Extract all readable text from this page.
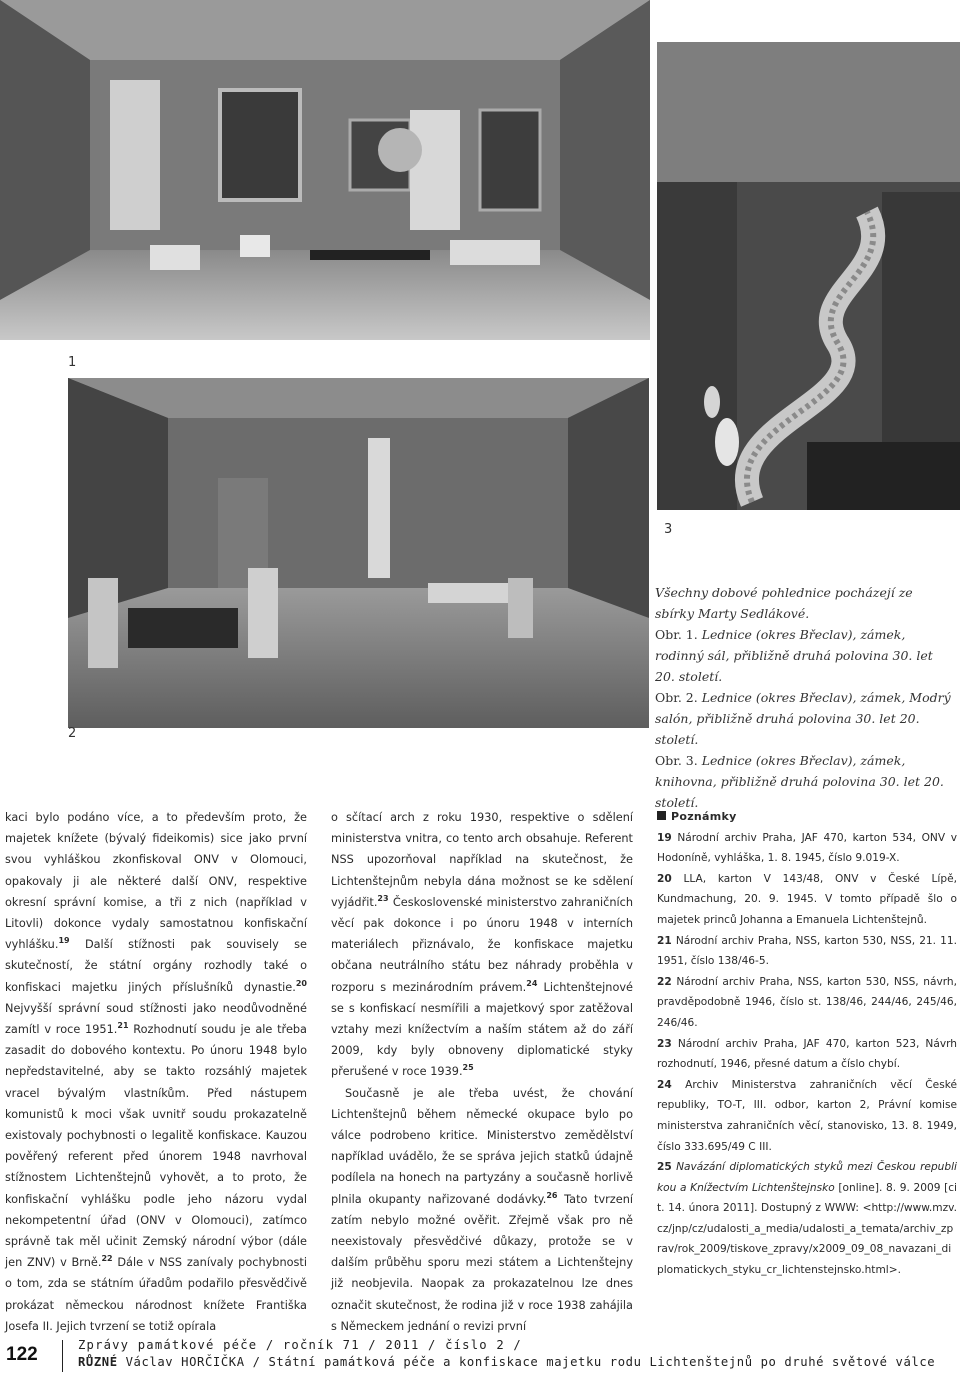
1
3
2

Všechny dobové pohlednice pocházejí ze sbírky Marty Sedlákové.

Obr. 1. Lednice (okres Břeclav), zámek, rodinný sál, přibližně druhá polovina 30. let 20. století.

Obr. 2. Lednice (okres Břeclav), zámek, Modrý salón, přibližně druhá polovina 30. let 20. století.

Obr. 3. Lednice (okres Břeclav), zámek, knihovna, přibližně druhá polovina 30. let 20. století.

kaci bylo podáno více, a to především proto, že majetek knížete (bývalý fideikomis) sice jako první svou vyhláškou zkonfiskoval ONV v Olomouci, opakovaly ji ale některé další ONV, respektive okresní správní komise, a tři z nich (například v Litovli) dokonce vydaly samostatnou konfiskační vyhlášku.$^{19}$ Další stížnosti pak souvisely se skutečností, že státní orgány rozhodly také o konfiskaci majetku jiných příslušníků dynastie.$^{20}$ Nejvyšší správní soud stížnosti jako neodůvodněné zamítl v roce 1951.21 Rozhodnutí soudu je ale třeba zasadit do dobového kontextu. Po únoru 1948 bylo nepředstavitelné, aby se takto rozsáhlý majetek vracel bývalým vlastníkům. Před nástupem komunistů k moci však uvnitř soudu prokazatelně existovaly pochybnosti o legalitě konfiskace. Kauzou pověřený referent před únorem 1948 navrhoval stížnostem Lichtenštejnů vyhovět, a to proto, že konfiskační vyhlášku podle jeho názoru vydal nekompetentní úřad (ONV v Olomouci), zatímco správně tak měl učinit Zemský národní výbor (dále jen ZNV) v Brně.$^{22}$ Dále v NSS zanívaly pochybnosti o tom, zda se státním úřadům podařilo přesvědčivě prokázat německou národnost knížete Františka Josefa II. Jejich tvrzení se totiž opírala

o sčítací arch z roku 1930, respektive o sdělení ministerstva vnitra, co tento arch obsahuje. Referent NSS upozorňoval například na skutečnost, že Lichtenštejnům nebyla dána možnost se ke sdělení vyjádřit.$^{23}$ Československé ministerstvo zahraničních věcí pak dokonce i po únoru 1948 v interních materiálech přiznávalo, že konfiskace majetku občana neutrálního státu bez náhrady proběhla v rozporu s mezinárodním právem.$^{24}$ Lichtenštejnové se s konfiskací nesmířili a majetkový spor zatěžoval vztahy mezi knížectvím a naším státem až do září 2009, kdy byly obnoveny diplomatické styky přerušené v roce 1939.25

Současně je ale třeba uvést, že chování Lichtenštejnů během německé okupace bylo po válce podrobeno kritice. Ministerstvo zemědělství například uvádělo, že se správa jejich statků údajně podílela na honech na partyzány a současně horlivě plnila okupanty nařizované dodávky.$^{26}$ Tato tvrzení zatím nebylo možné ověřit. Zřejmě však pro ně neexistovaly přesvědčivé důkazy, protože se v dalším průběhu sporu mezi státem a Lichtenštejny již neobjevila. Naopak za prokazatelnou lze dnes označit skutečnost, že rodina již v roce 1938 zahájila s Německem jednání o revizi první

Poznámky
19 Národní archiv Praha, JAF 470, karton 534, ONV v Hodoníně, vyhláška, 1. 8. 1945, číslo 9.019-X.
20 LLA, karton V 143/48, ONV v České Lípě, Kundmachung, 20. 9. 1945. V tomto případě šlo o majetek princů Johanna a Emanuela Lichtenštejnů.
21 Národní archiv Praha, NSS, karton 530, NSS, 21. 11. 1951, číslo 138/46-5.
22 Národní archiv Praha, NSS, karton 530, NSS, návrh, pravděpodobně 1946, číslo st. 138/46, 244/46, 245/46, 246/46.
23 Národní archiv Praha, JAF 470, karton 523, Návrh rozhodnutí, 1946, přesné datum a číslo chybí.
24 Archiv Ministerstva zahraničních věcí České republiky, TO-T, III. odbor, karton 2, Právní komise ministerstva zahraničních věcí, stanovisko, 13. 8. 1949, číslo 333.695/49 C III.
25 Navázání diplomatických styků mezi Českou republikou a Knížectvím Lichtenštejnsko [online]. 8. 9. 2009 [cit. 14. února 2011]. Dostupný z WWW: <http://www.mzv.cz/jnp/cz/udalosti_a_media/udalosti_a_temata/archiv_zprav/rok_2009/tiskove_zpravy/x2009_09_08_navazani_diplomatickych_styku_cr_lichtenstejnsko.html>.
122	Zprávy památkové péče / ročník 71 / 2011 / číslo 2 /
RŮZNÉ Václav HORČIČKA / Státní památková péče a konfiskace majetku rodu Lichtenštejnů po druhé světové válce
